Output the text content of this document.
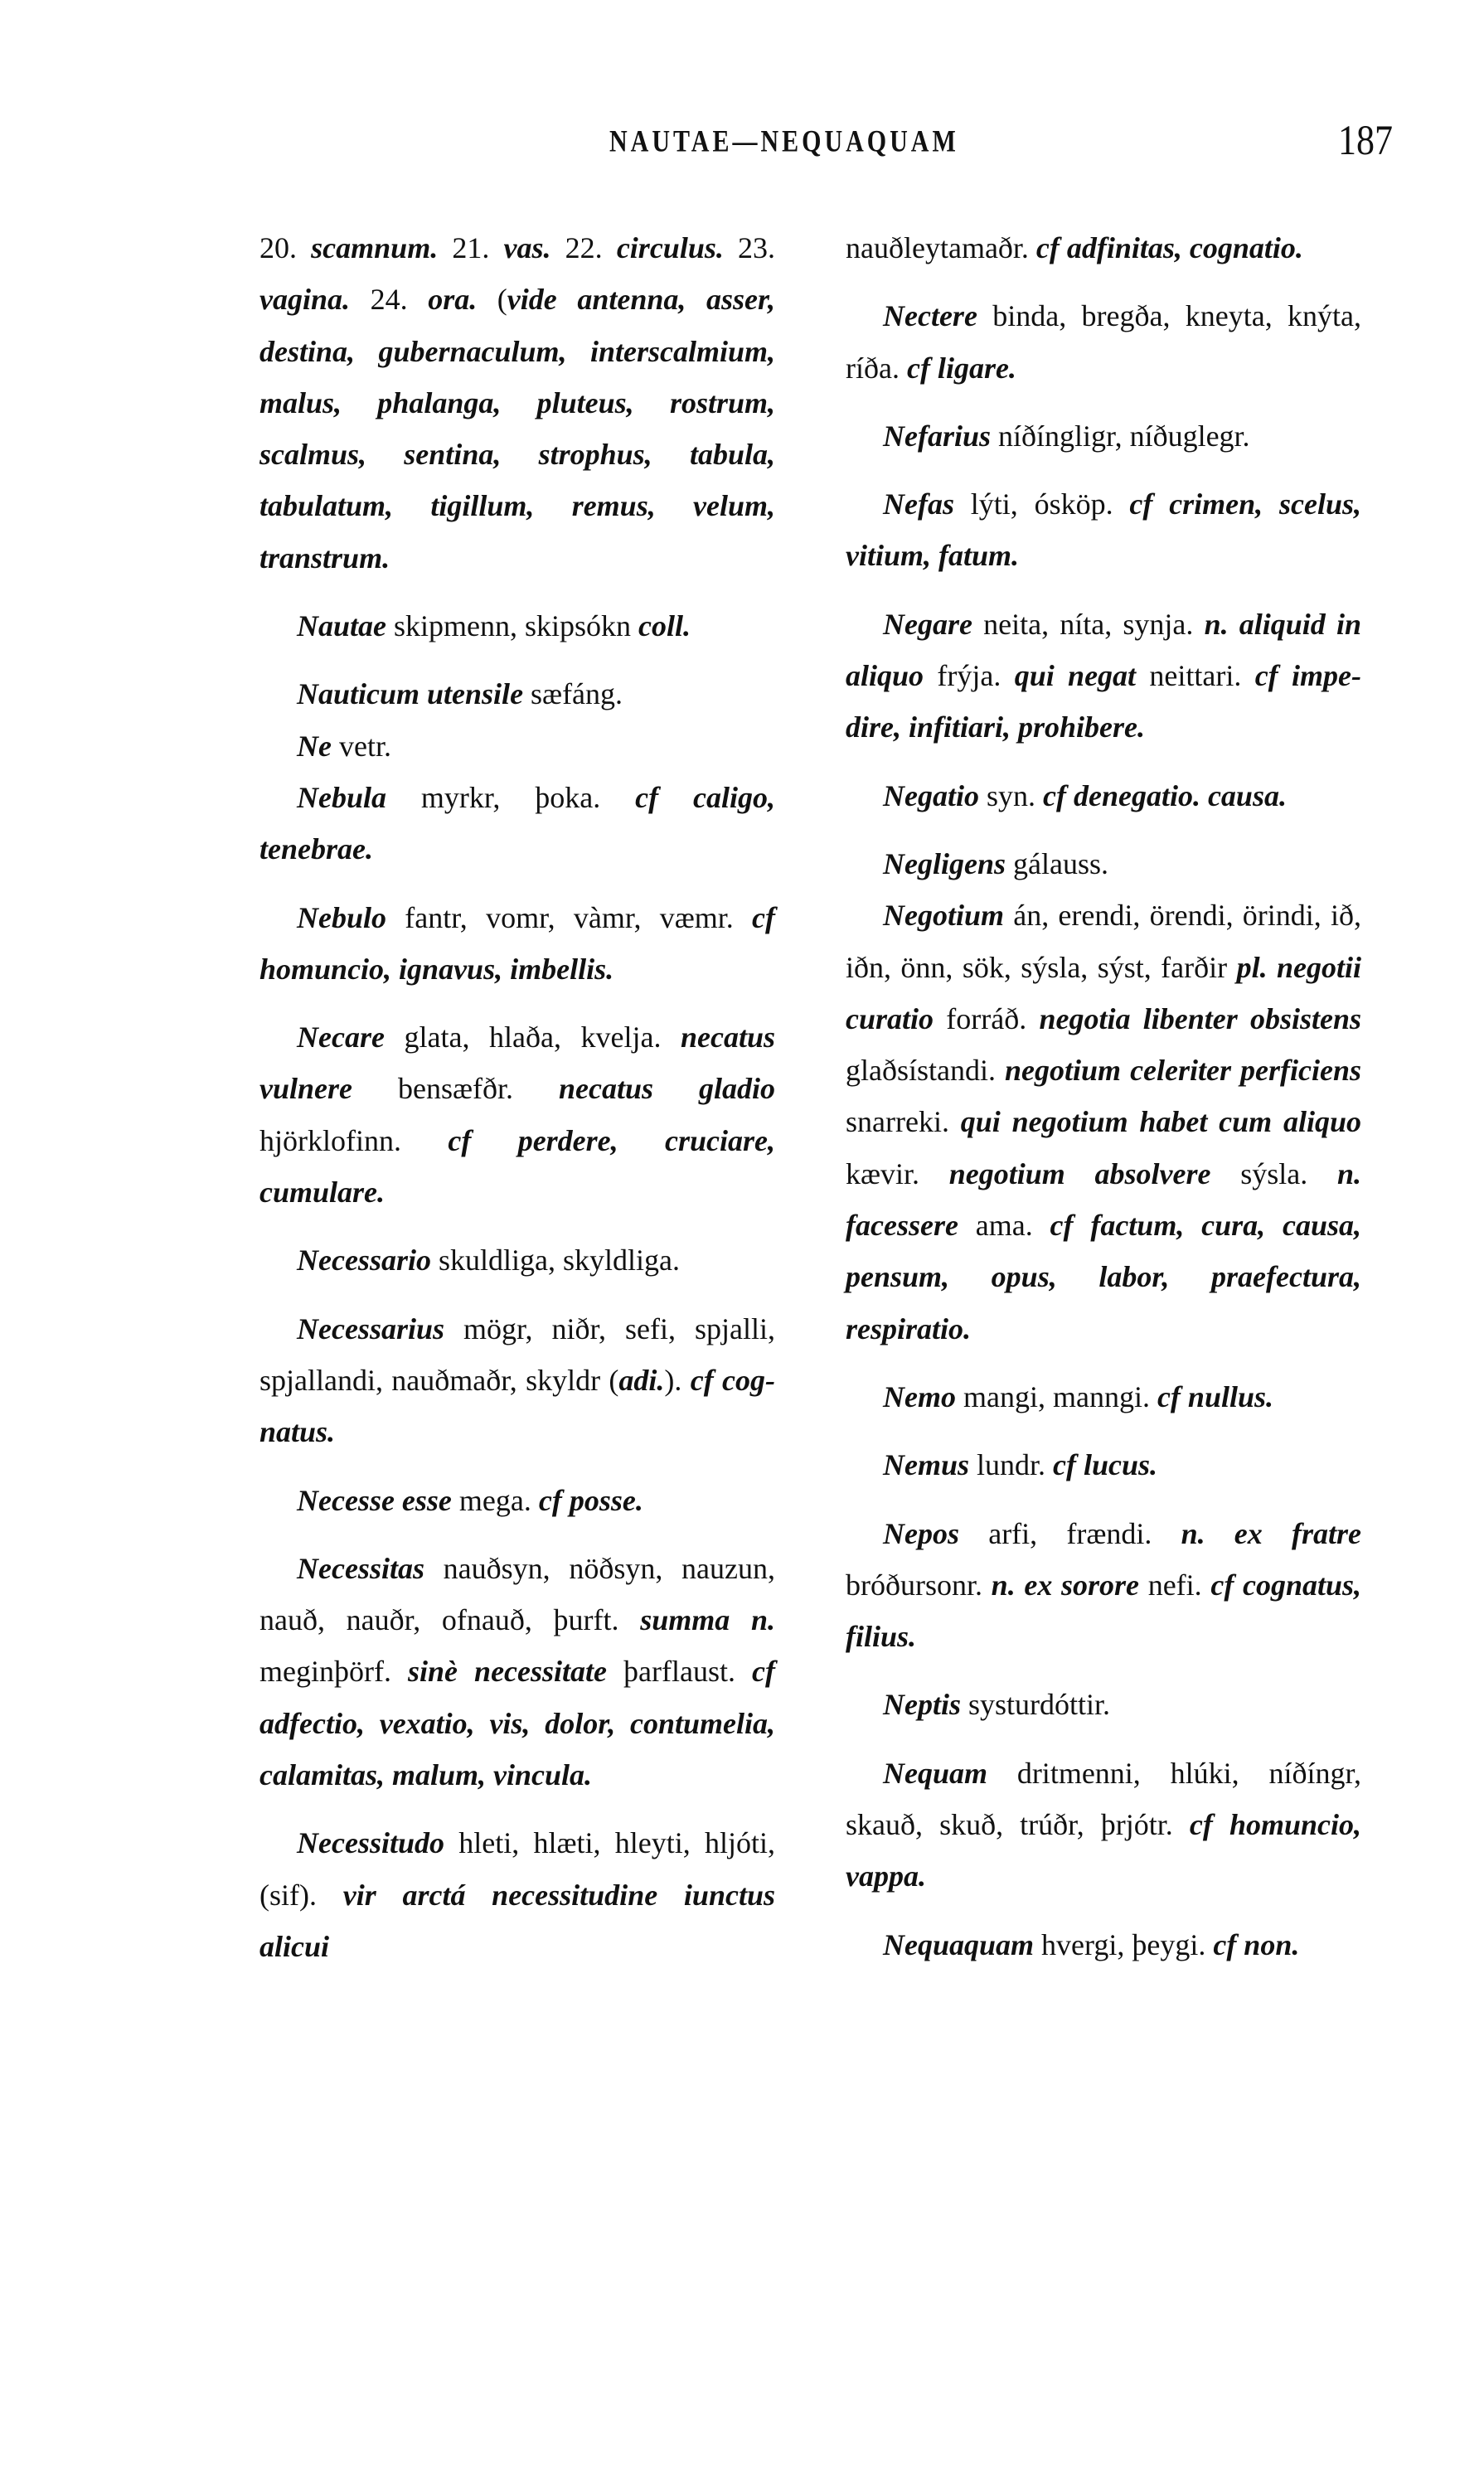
NAUTAE—NEQUAQUAM	187

20. scamnum. 21. vas. 22. circulus. 23. vagina. 24. ora. (vide antenna, asser, destina, gubernaculum, interscalmium, malus, phalanga, pluteus, rostrum, scalmus, sentina, strophus, tabula, tabulatum, tigillum, remus, velum, transtrum.

Nautae skipmenn, skipsókn coll.

Nauticum utensile sæfáng.

Ne vetr.

Nebula myrkr, þoka. cf caligo, tenebrae.

Nebulo fantr, vomr, vàmr, væmr. cf homuncio, ignavus, imbellis.

Necare glata, hlaða, kvelja. necatus vulnere bensæfðr. necatus gladio hjörklofinn. cf perdere, cruciare, cumulare.

Necessario skuldliga, skyldliga.

Necessarius mögr, niðr, sefi, spjalli, spjallandi, nauðmaðr, skyldr (adi.). cf cognatus.

Necesse esse mega. cf posse.

Necessitas nauðsyn, nöðsyn, nauzun, nauð, nauðr, ofnauð, þurft. summa n. meginþörf. sinè necessitate þarflaust. cf adfectio, vexatio, vis, dolor, contumelia, calamitas, malum, vincula.

Necessitudo hleti, hlæti, hleyti, hljóti, (sif). vir arctá necessitudine iunctus alicui

nauðleytamaðr. cf adfinitas, cognatio.

Nectere binda, bregða, kneyta, knýta, ríða. cf ligare.

Nefarius níðíngligr, níðuglegr.

Nefas lýti, ósköp. cf crimen, scelus, vitium, fatum.

Negare neita, níta, synja. n. aliquid in aliquo frýja. qui negat neittari. cf impedire, infitiari, prohibere.

Negatio syn. cf denegatio. causa.

Negligens gálauss.

Negotium án, erendi, örendi, örindi, ið, iðn, önn, sök, sýsla, sýst, farðir pl. negotii curatio forráð. negotia libenter obsistens glaðsístandi. negotium celeriter perficiens snarreki. qui negotium habet cum aliquo kævir. negotium absolvere sýsla. n. facessere ama. cf factum, cura, causa, pensum, opus, labor, praefectura, respiratio.

Nemo mangi, manngi. cf nullus.

Nemus lundr. cf lucus.

Nepos arfi, frændi. n. ex fratre bróðursonr. n. ex sorore nefi. cf cognatus, filius.

Neptis systurdóttir.

Nequam dritmenni, hlúki, níðíngr, skauð, skuð, trúðr, þrjótr. cf homuncio, vappa.

Nequaquam hvergi, þeygi. cf non.
